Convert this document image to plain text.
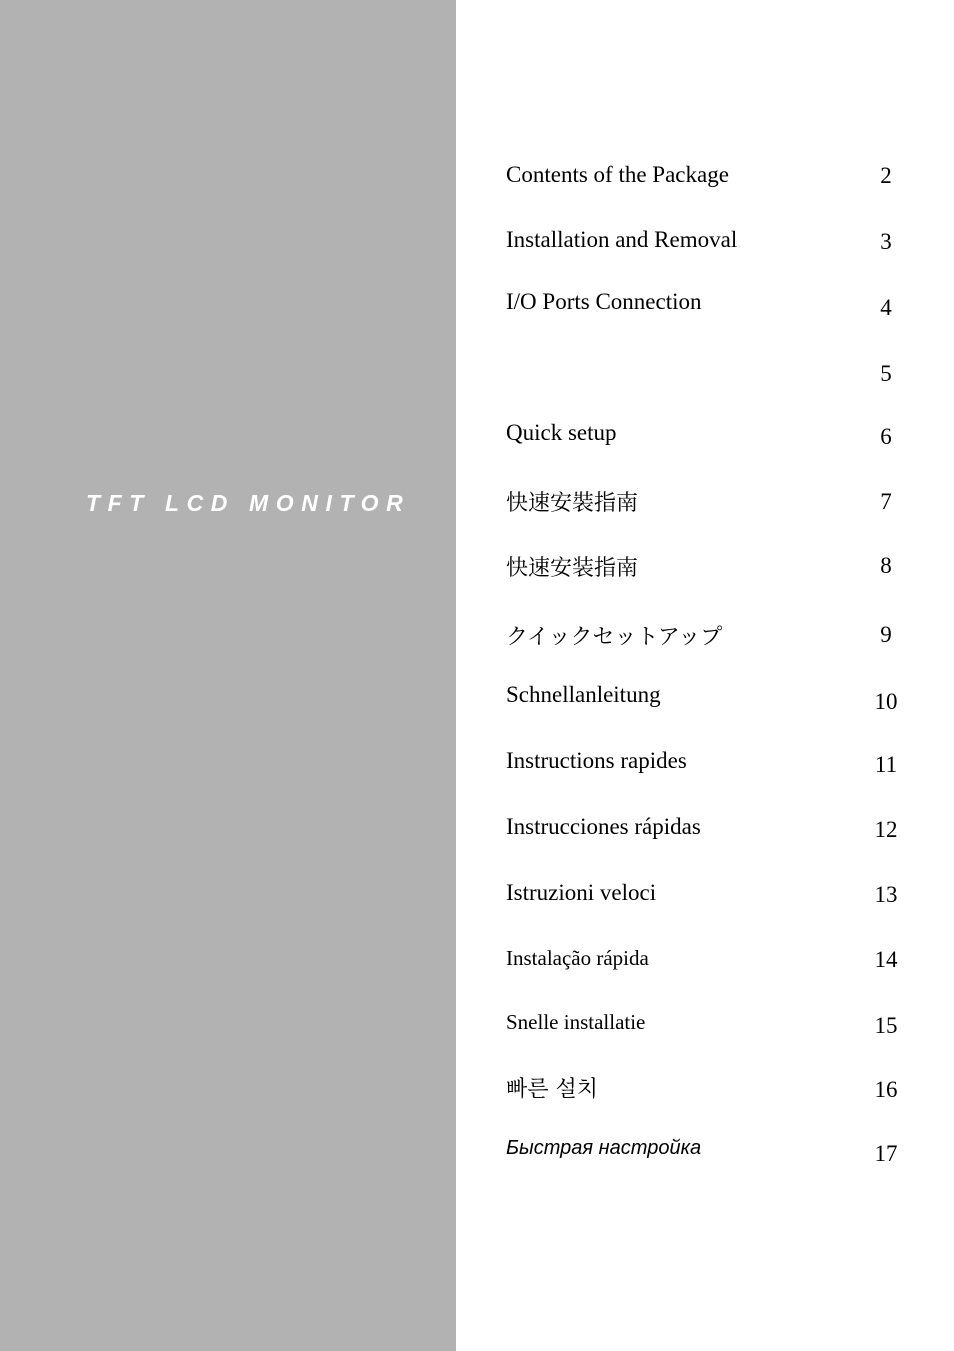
TFT LCD MONITOR
Contents of the Package	2
Installation and Removal	3
I/O Ports Connection	4
5
Quick setup	6
快速安裝指南	7
快速安装指南	8
クイックセットアップ	9
Schnellanleitung	10
Instructions rapides	11
Instrucciones rápidas	12
Istruzioni veloci	13
Instalação rápida	14
Snelle installatie	15
빠른 설치	16
Быстрая настройка	17
